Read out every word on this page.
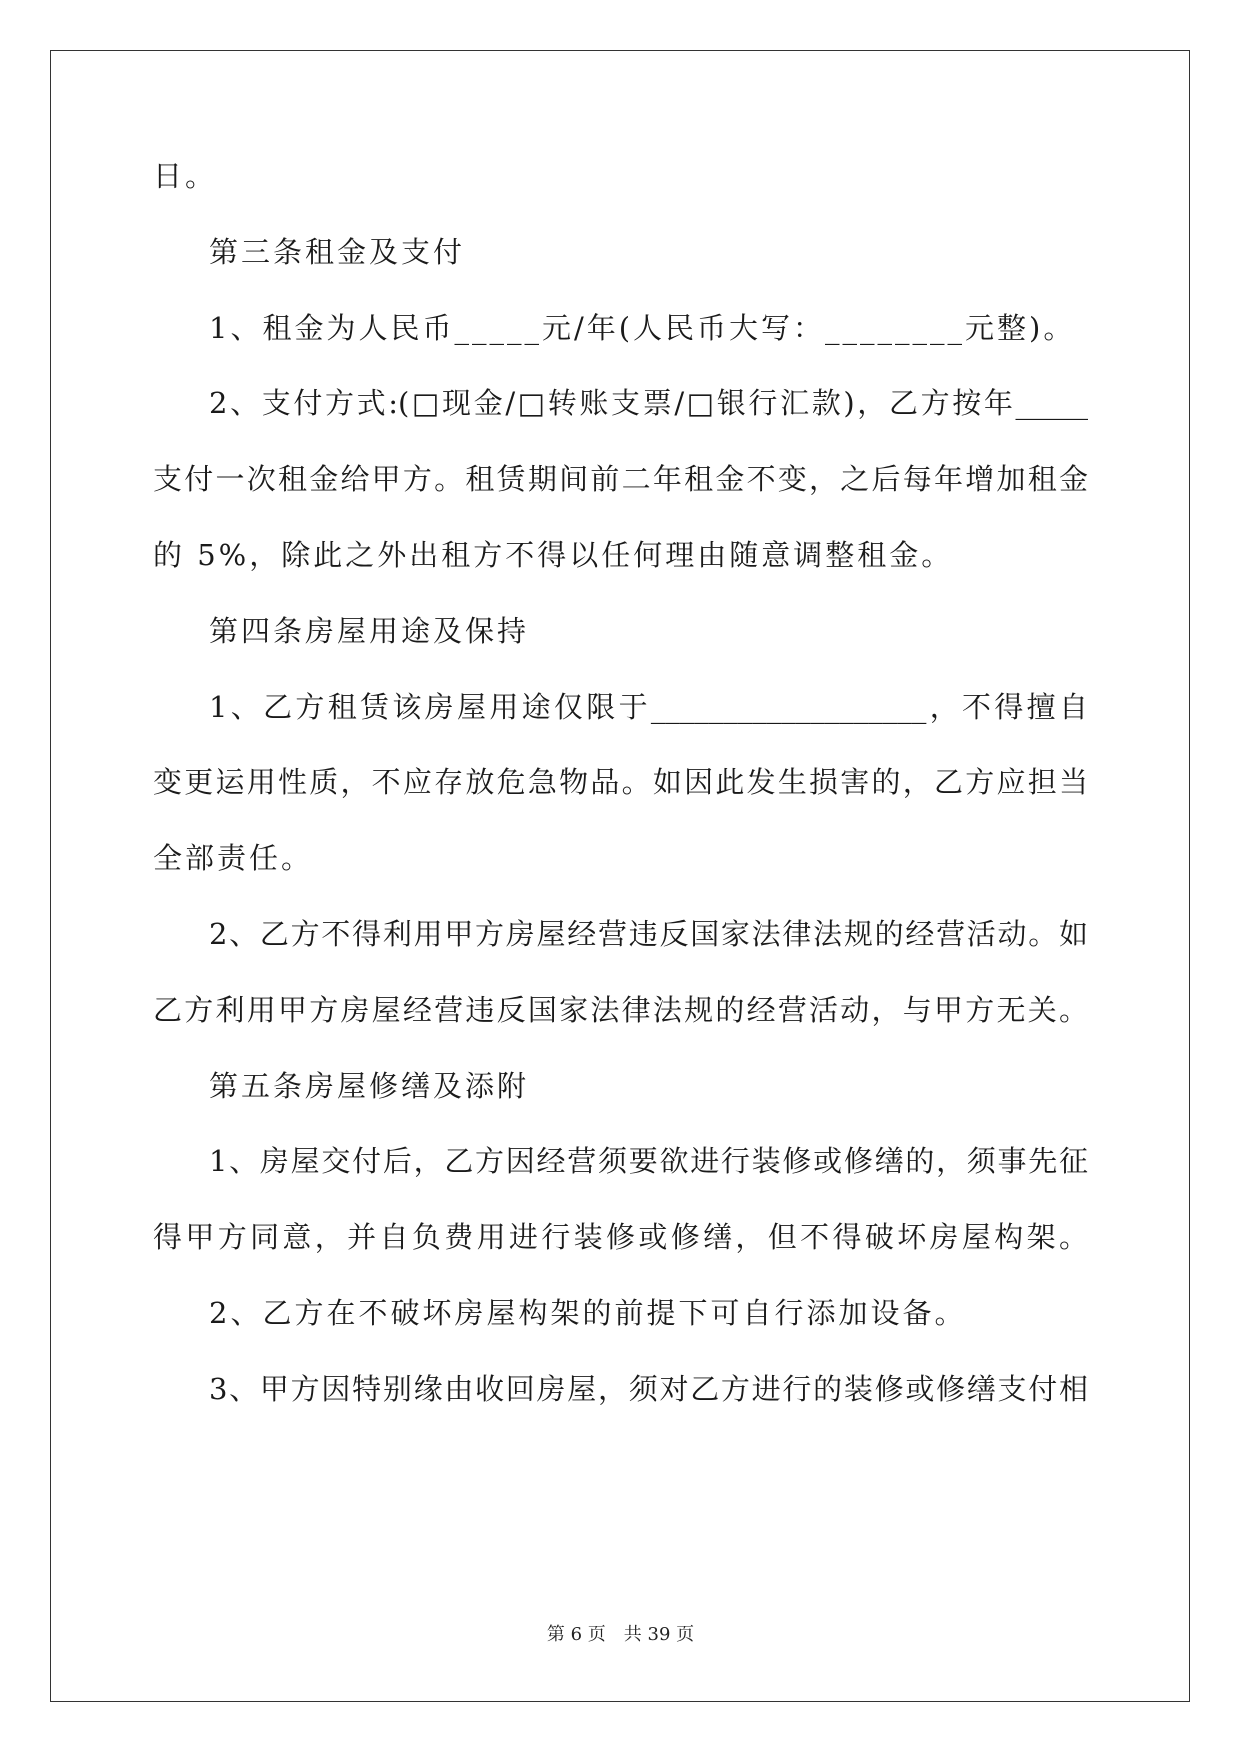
日。
第三条租金及支付
1、租金为人民币_____元/年(人民币大写：________元整)。
2、支付方式:(□现金/□转账支票/□银行汇款)，乙方按年_____
支付一次租金给甲方。租赁期间前二年租金不变，之后每年增加租金
的 5%，除此之外出租方不得以任何理由随意调整租金。
第四条房屋用途及保持
1、乙方租赁该房屋用途仅限于___________________，不得擅自
变更运用性质，不应存放危急物品。如因此发生损害的，乙方应担当
全部责任。
2、乙方不得利用甲方房屋经营违反国家法律法规的经营活动。如
乙方利用甲方房屋经营违反国家法律法规的经营活动，与甲方无关。
第五条房屋修缮及添附
1、房屋交付后，乙方因经营须要欲进行装修或修缮的，须事先征
得甲方同意，并自负费用进行装修或修缮，但不得破坏房屋构架。
2、乙方在不破坏房屋构架的前提下可自行添加设备。
3、甲方因特别缘由收回房屋，须对乙方进行的装修或修缮支付相
第 6 页　共 39 页
